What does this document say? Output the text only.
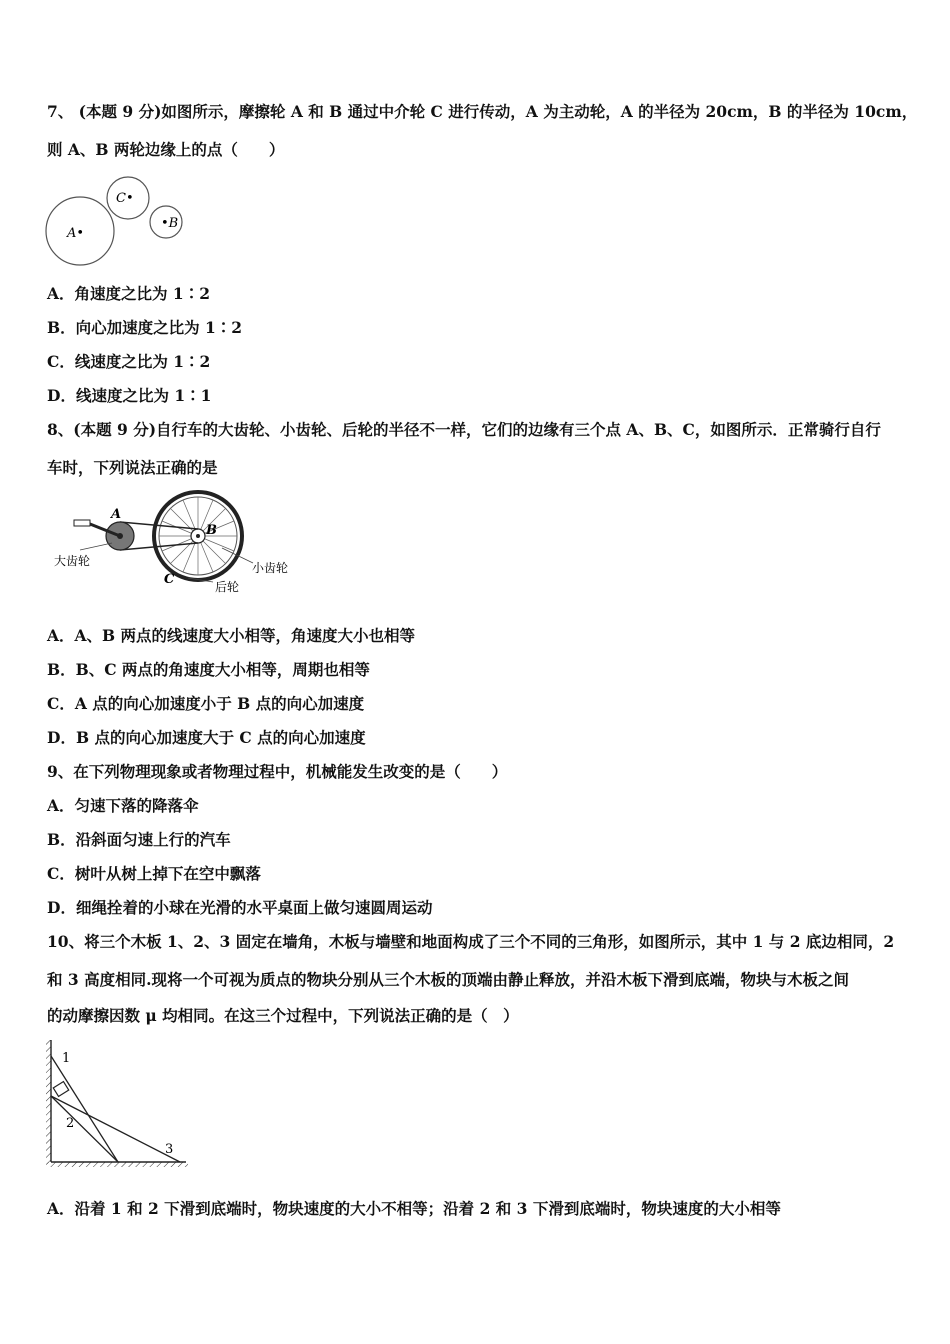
7、 (本题 9 分)如图所示，摩擦轮 A 和 B 通过中介轮 C 进行传动，A 为主动轮，A 的半径为 20cm，B 的半径为 10cm，
则 A、B 两轮边缘上的点（　　）
A•
C•
•B
A．角速度之比为 1∶2
B．向心加速度之比为 1∶2
C．线速度之比为 1∶2
D．线速度之比为 1∶1
8、(本题 9 分)自行车的大齿轮、小齿轮、后轮的半径不一样，它们的边缘有三个点 A、B、C，如图所示．正常骑行自行
车时，下列说法正确的是
A
B
C
大齿轮	小齿轮
后轮
A．A、B 两点的线速度大小相等，角速度大小也相等
B．B、C 两点的角速度大小相等，周期也相等
C．A 点的向心加速度小于 B 点的向心加速度
D．B 点的向心加速度大于 C 点的向心加速度
9、在下列物理现象或者物理过程中，机械能发生改变的是（　　）
A．匀速下落的降落伞
B．沿斜面匀速上行的汽车
C．树叶从树上掉下在空中飘落
D．细绳拴着的小球在光滑的水平桌面上做匀速圆周运动
10、将三个木板 1、2、3 固定在墙角，木板与墙壁和地面构成了三个不同的三角形，如图所示，其中 1 与 2 底边相同，2
和 3 高度相同.现将一个可视为质点的物块分别从三个木板的顶端由静止释放，并沿木板下滑到底端，物块与木板之间
的动摩擦因数 μ 均相同。在这三个过程中，下列说法正确的是（　）
1
2
3
A．沿着 1 和 2 下滑到底端时，物块速度的大小不相等；沿着 2 和 3 下滑到底端时，物块速度的大小相等
